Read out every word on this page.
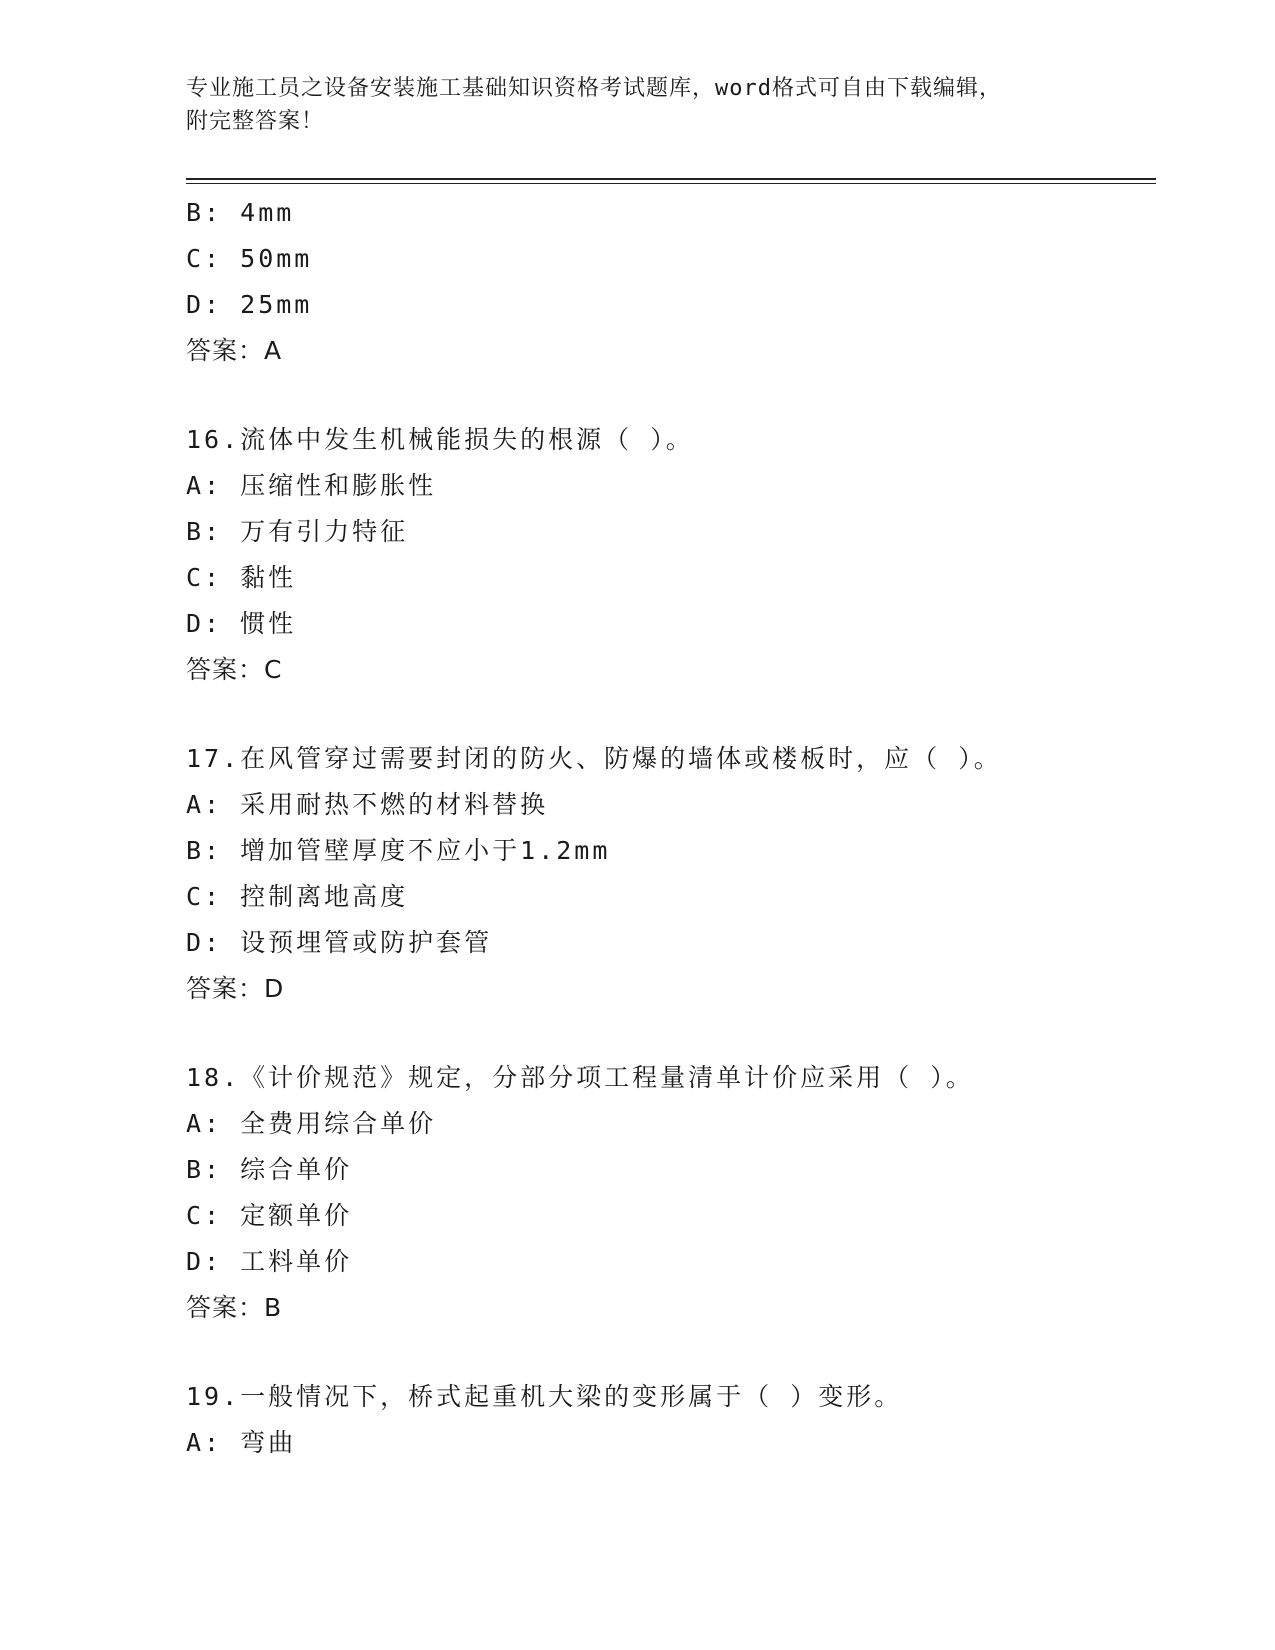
专业施工员之设备安装施工基础知识资格考试题库，word格式可自由下载编辑，
附完整答案！
B: 4mm
C: 50mm
D: 25mm
答案：A
16.流体中发生机械能损失的根源（ ）。
A: 压缩性和膨胀性
B: 万有引力特征
C: 黏性
D: 惯性
答案：C
17.在风管穿过需要封闭的防火、防爆的墙体或楼板时，应（ ）。
A: 采用耐热不燃的材料替换
B: 增加管壁厚度不应小于1.2mm
C: 控制离地高度
D: 设预埋管或防护套管
答案：D
18.《计价规范》规定，分部分项工程量清单计价应采用（ ）。
A: 全费用综合单价
B: 综合单价
C: 定额单价
D: 工料单价
答案：B
19.一般情况下，桥式起重机大梁的变形属于（ ）变形。
A: 弯曲
